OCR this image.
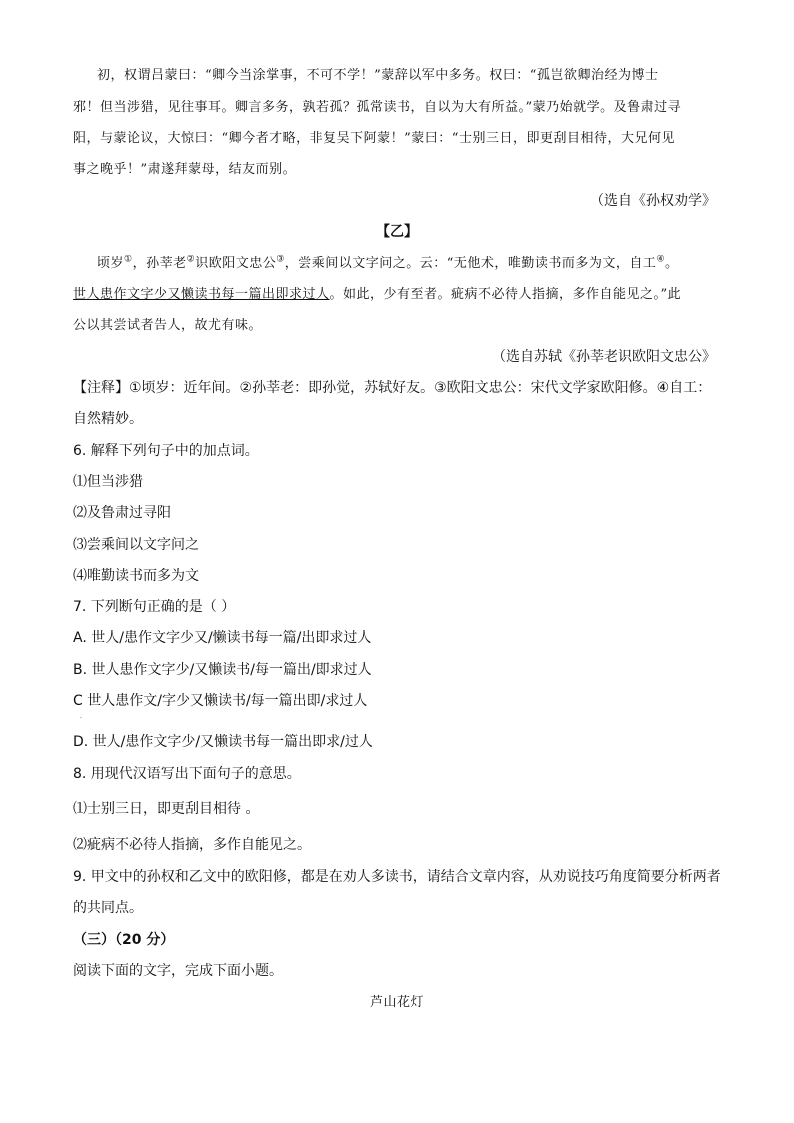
初，权谓吕蒙曰：“卿今当涂掌事，不可不学！”蒙辞以军中多务。权曰：“孤岂欲卿治经为博士
邪！但当涉猎，见往事耳。卿言多务，孰若孤？孤常读书，自以为大有所益。”蒙乃始就学。及鲁肃过寻
阳，与蒙论议，大惊曰：“卿今者才略，非复吴下阿蒙！”蒙曰：“士别三日，即更刮目相待，大兄何见
事之晚乎！”肃遂拜蒙母，结友而别。
（选自《孙权劝学》
【乙】
顷岁①，孙莘老②识欧阳文忠公③，尝乘间以文字问之。云：“无他术，唯勤读书而多为文，自工④。
世人患作文字少又懒读书每一篇出即求过人。如此，少有至者。疵病不必待人指摘，多作自能见之。”此
公以其尝试者告人，故尤有味。
（选自苏轼《孙莘老识欧阳文忠公》
【注释】①顷岁：近年间。②孙莘老：即孙觉，苏轼好友。③欧阳文忠公：宋代文学家欧阳修。④自工：
自然精妙。
6. 解释下列句子中的加点词。
⑴但当涉猎
⑵及鲁肃过寻阳
⑶尝乘间以文字问之
⑷唯勤读书而多为文
7. 下列断句正确的是（ ）
A. 世人/患作文字少又/懒读书每一篇/出即求过人
B. 世人患作文字少/又懒读书/每一篇出/即求过人
C 世人患作文/字少又懒读书/每一篇出即/求过人
.
D. 世人/患作文字少/又懒读书每一篇出即求/过人
8. 用现代汉语写出下面句子的意思。
⑴士别三日，即更刮目相待 。
⑵疵病不必待人指摘，多作自能见之。
9. 甲文中的孙权和乙文中的欧阳修，都是在劝人多读书，请结合文章内容，从劝说技巧角度简要分析两者
的共同点。
（三）（20 分）
阅读下面的文字，完成下面小题。
芦山花灯
